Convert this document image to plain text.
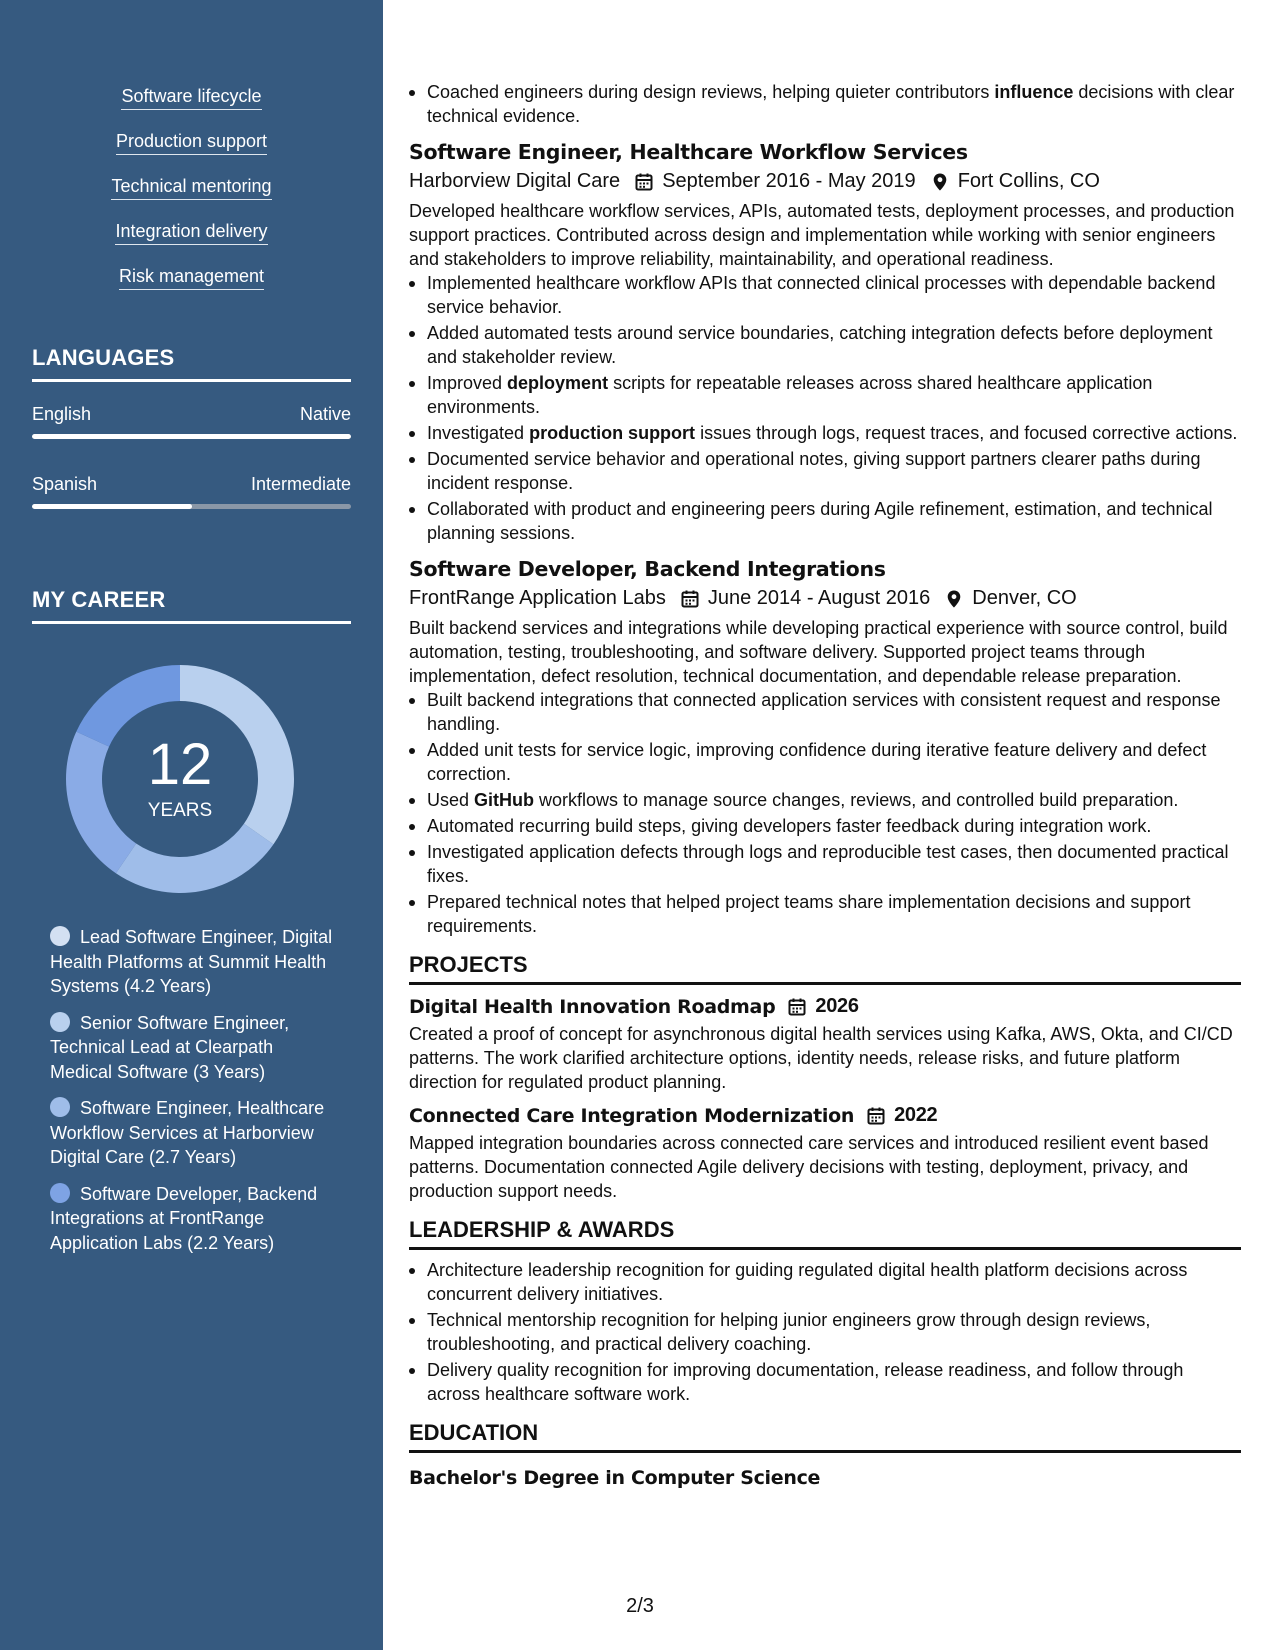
Software lifecycle
Production support
Technical mentoring
Integration delivery
Risk management
LANGUAGES
English	Native
Spanish	Intermediate
MY CAREER
12
YEARS
Lead Software Engineer, Digital Health Platforms at Summit Health Systems (4.2 Years)
Senior Software Engineer, Technical Lead at Clearpath Medical Software (3 Years)
Software Engineer, Healthcare Workflow Services at Harborview Digital Care (2.7 Years)
Software Developer, Backend Integrations at FrontRange Application Labs (2.2 Years)
Coached engineers during design reviews, helping quieter contributors influence decisions with clear technical evidence.
Software Engineer, Healthcare Workflow Services
Harborview Digital Care September 2016 - May 2019 Fort Collins, CO
Developed healthcare workflow services, APIs, automated tests, deployment processes, and production support practices. Contributed across design and implementation while working with senior engineers and stakeholders to improve reliability, maintainability, and operational readiness.
Implemented healthcare workflow APIs that connected clinical processes with dependable backend service behavior.
Added automated tests around service boundaries, catching integration defects before deployment and stakeholder review.
Improved deployment scripts for repeatable releases across shared healthcare application environments.
Investigated production support issues through logs, request traces, and focused corrective actions.
Documented service behavior and operational notes, giving support partners clearer paths during incident response.
Collaborated with product and engineering peers during Agile refinement, estimation, and technical planning sessions.
Software Developer, Backend Integrations
FrontRange Application Labs June 2014 - August 2016 Denver, CO
Built backend services and integrations while developing practical experience with source control, build automation, testing, troubleshooting, and software delivery. Supported project teams through implementation, defect resolution, technical documentation, and dependable release preparation.
Built backend integrations that connected application services with consistent request and response handling.
Added unit tests for service logic, improving confidence during iterative feature delivery and defect correction.
Used GitHub workflows to manage source changes, reviews, and controlled build preparation.
Automated recurring build steps, giving developers faster feedback during integration work.
Investigated application defects through logs and reproducible test cases, then documented practical fixes.
Prepared technical notes that helped project teams share implementation decisions and support requirements.
PROJECTS
Digital Health Innovation Roadmap 2026
Created a proof of concept for asynchronous digital health services using Kafka, AWS, Okta, and CI/CD patterns. The work clarified architecture options, identity needs, release risks, and future platform direction for regulated product planning.
Connected Care Integration Modernization 2022
Mapped integration boundaries across connected care services and introduced resilient event based patterns. Documentation connected Agile delivery decisions with testing, deployment, privacy, and production support needs.
LEADERSHIP & AWARDS
Architecture leadership recognition for guiding regulated digital health platform decisions across concurrent delivery initiatives.
Technical mentorship recognition for helping junior engineers grow through design reviews, troubleshooting, and practical delivery coaching.
Delivery quality recognition for improving documentation, release readiness, and follow through across healthcare software work.
EDUCATION
Bachelor's Degree in Computer Science
2/3
